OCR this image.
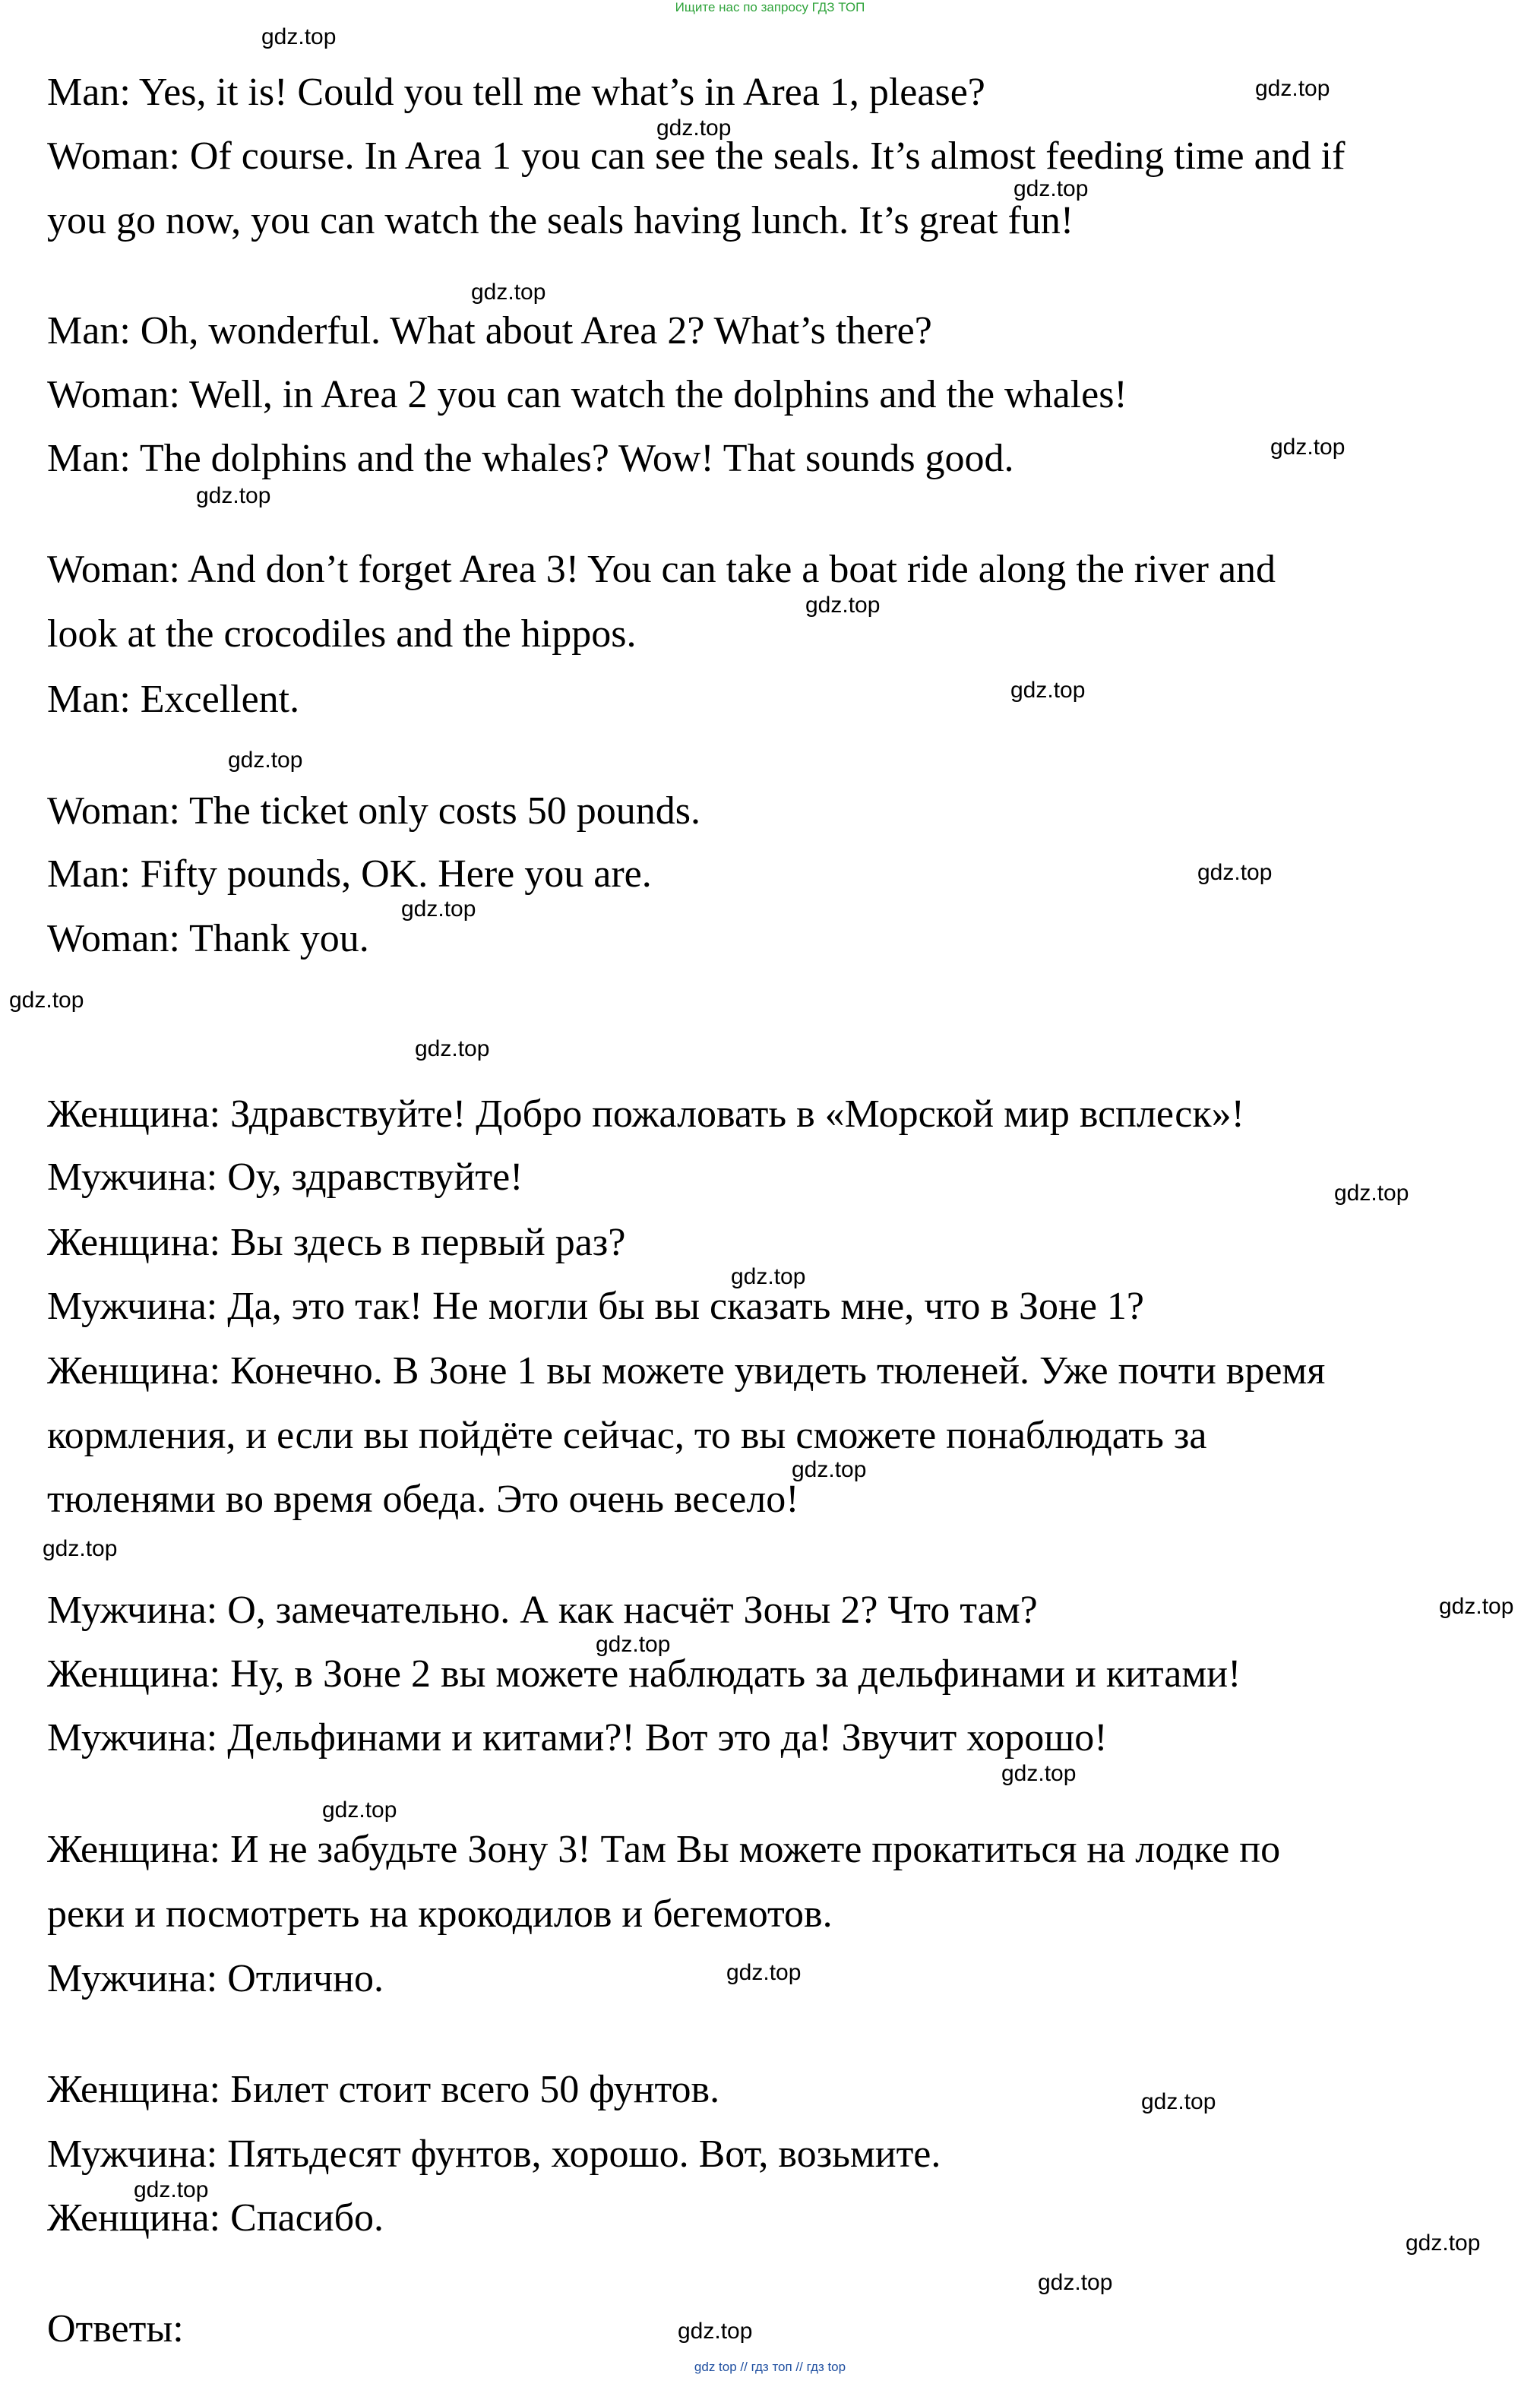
Ищите нас по запросу ГДЗ ТОП
Man: Yes, it is! Could you tell me what’s in Area 1, please?
Woman: Of course. In Area 1 you can see the seals. It’s almost feeding time and if
you go now, you can watch the seals having lunch. It’s great fun!
Man: Oh, wonderful. What about Area 2? What’s there?
Woman: Well, in Area 2 you can watch the dolphins and the whales!
Man: The dolphins and the whales? Wow! That sounds good.
Woman: And don’t forget Area 3! You can take a boat ride along the river and
look at the crocodiles and the hippos.
Man: Excellent.
Woman: The ticket only costs 50 pounds.
Man: Fifty pounds, OK. Here you are.
Woman: Thank you.
Женщина: Здравствуйте! Добро пожаловать в «Морской мир всплеск»!
Мужчина: Оу, здравствуйте!
Женщина: Вы здесь в первый раз?
Мужчина: Да, это так! Не могли бы вы сказать мне, что в Зоне 1?
Женщина: Конечно. В Зоне 1 вы можете увидеть тюленей. Уже почти время
кормления, и если вы пойдёте сейчас, то вы сможете понаблюдать за
тюленями во время обеда. Это очень весело!
Мужчина: О, замечательно. А как насчёт Зоны 2? Что там?
Женщина: Ну, в Зоне 2 вы можете наблюдать за дельфинами и китами!
Мужчина: Дельфинами и китами?! Вот это да! Звучит хорошо!
Женщина: И не забудьте Зону 3! Там Вы можете прокатиться на лодке по
реки и посмотреть на крокодилов и бегемотов.
Мужчина: Отлично.
Женщина: Билет стоит всего 50 фунтов.
Мужчина: Пятьдесят фунтов, хорошо. Вот, возьмите.
Женщина: Спасибо.
Ответы:
gdz.top
gdz.top
gdz.top
gdz.top
gdz.top
gdz.top
gdz.top
gdz.top
gdz.top
gdz.top
gdz.top
gdz.top
gdz.top
gdz.top
gdz.top
gdz.top
gdz.top
gdz.top
gdz.top
gdz.top
gdz.top
gdz.top
gdz.top
gdz.top
gdz.top
gdz.top
gdz.top
gdz.top
gdz top // гдз топ // гдз top
